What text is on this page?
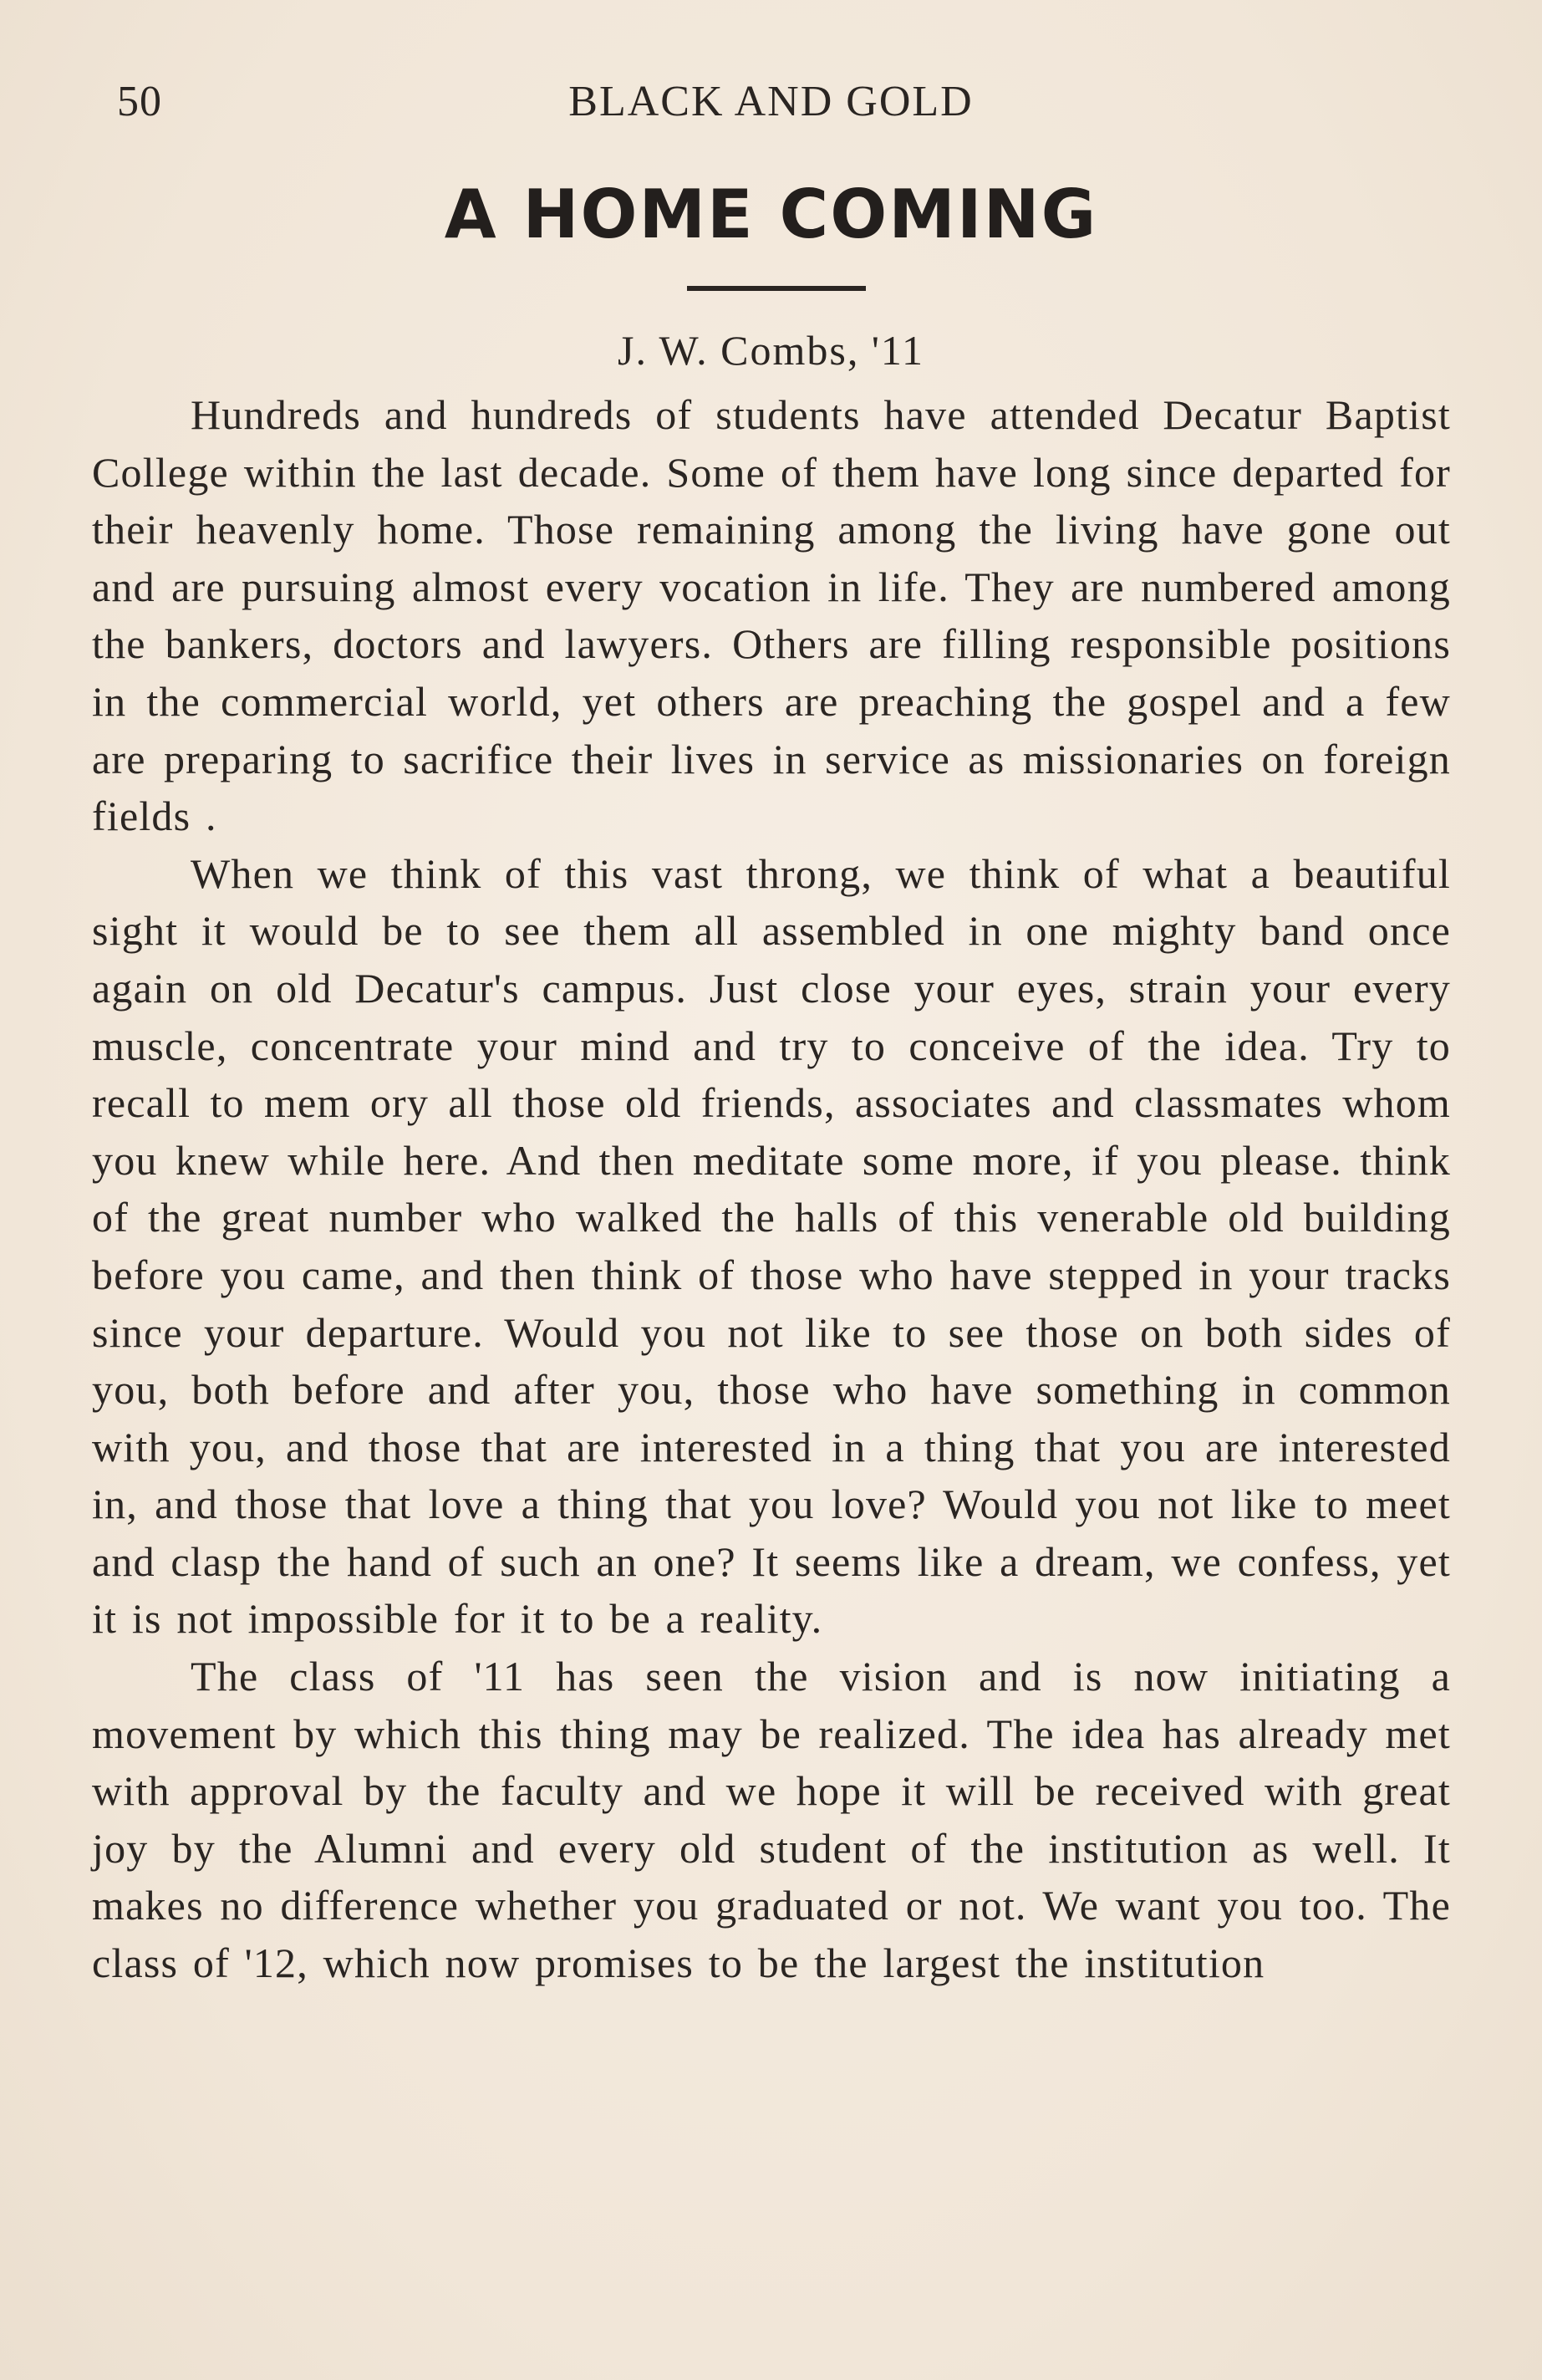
50	BLACK AND GOLD
A HOME COMING
J. W. Combs, '11

Hundreds and hundreds of students have attended Decatur Baptist College within the last decade. Some of them have long since departed for their heavenly home. Those remaining among the living have gone out and are pursuing almost every vocation in life. They are numbered among the bankers, doctors and lawyers. Others are filling responsible positions in the commercial world, yet others are preaching the gospel and a few are preparing to sacrifice their lives in service as missionaries on foreign fields .

When we think of this vast throng, we think of what a beautiful sight it would be to see them all assembled in one mighty band once again on old Decatur's campus. Just close your eyes, strain your every muscle, concentrate your mind and try to conceive of the idea. Try to recall to mem ory all those old friends, associates and classmates whom you knew while here. And then meditate some more, if you please. think of the great number who walked the halls of this venerable old building before you came, and then think of those who have stepped in your tracks since your departure. Would you not like to see those on both sides of you, both before and after you, those who have something in common with you, and those that are interested in a thing that you are interested in, and those that love a thing that you love? Would you not like to meet and clasp the hand of such an one? It seems like a dream, we confess, yet it is not impossible for it to be a reality.

The class of '11 has seen the vision and is now initiating a movement by which this thing may be realized. The idea has already met with approval by the faculty and we hope it will be received with great joy by the Alumni and every old student of the institution as well. It makes no difference whether you graduated or not. We want you too. The class of '12, which now promises to be the largest the institution
